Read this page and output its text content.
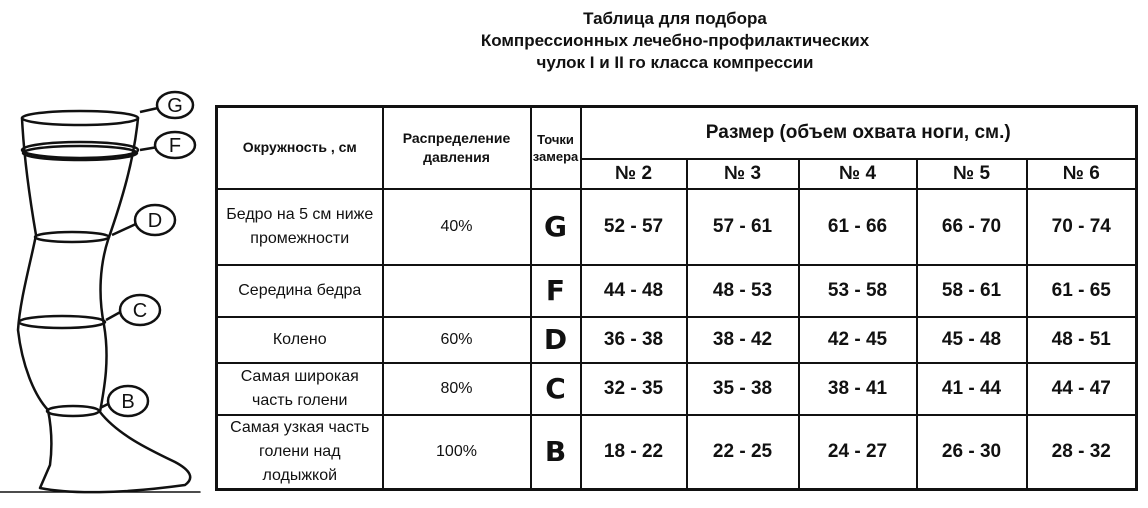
Таблица для подбора
Компрессионных лечебно-профилактических
чулок I и II го класса компрессии
G
F
D
C
B
Окружность , см	Распределение давления	Точки замера	Размер (объем охвата ноги, см.)				
			№ 2	№ 3	№ 4	№ 5	№ 6
Бедро на 5 см ниже промежности	40%	G	52 - 57	57 - 61	61 - 66	66 - 70	70 - 74
Середина бедра		F	44 - 48	48 - 53	53 - 58	58 - 61	61 - 65
Колено	60%	D	36 - 38	38 - 42	42 - 45	45 - 48	48 - 51
Самая широкая часть голени	80%	C	32 - 35	35 - 38	38 - 41	41 - 44	44 - 47
Самая узкая часть голени над лодыжкой	100%	B	18 - 22	22 - 25	24 - 27	26 - 30	28 - 32
